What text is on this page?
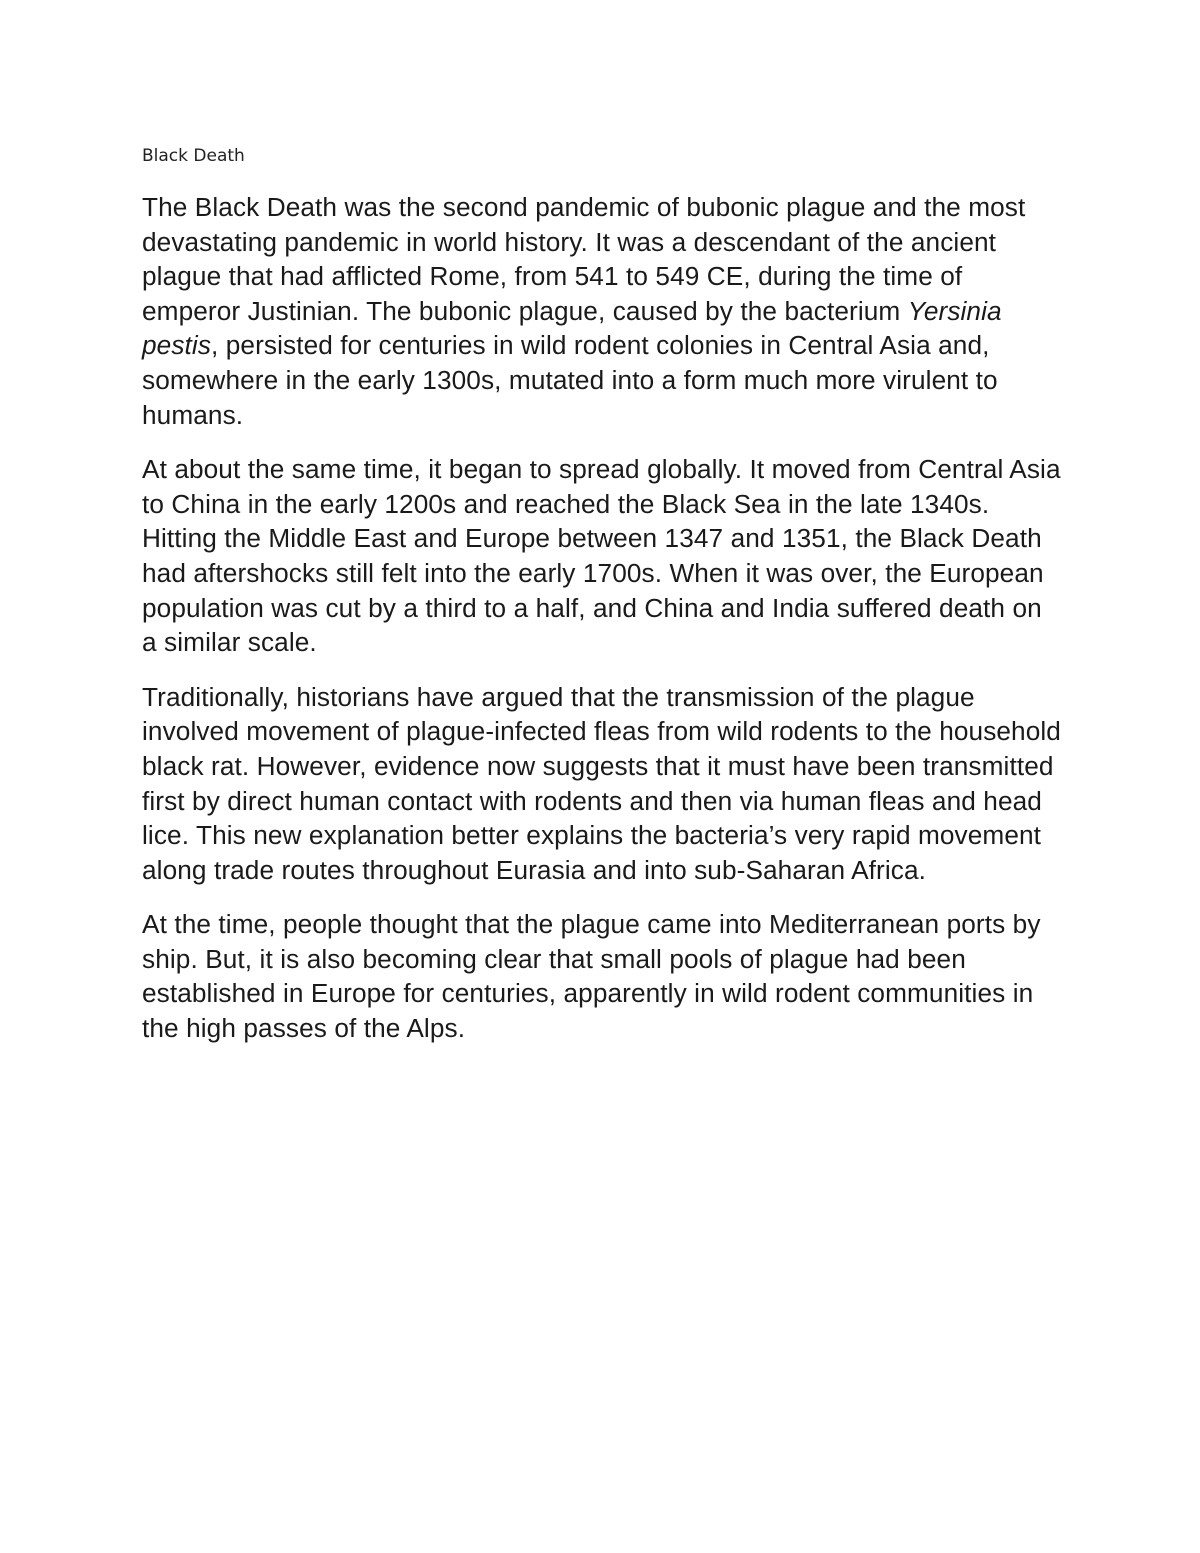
Black Death

The Black Death was the second pandemic of bubonic plague and the most devastating pandemic in world history. It was a descendant of the ancient plague that had afflicted Rome, from 541 to 549 CE, during the time of emperor Justinian. The bubonic plague, caused by the bacterium Yersinia pestis, persisted for centuries in wild rodent colonies in Central Asia and, somewhere in the early 1300s, mutated into a form much more virulent to humans.

At about the same time, it began to spread globally. It moved from Central Asia to China in the early 1200s and reached the Black Sea in the late 1340s. Hitting the Middle East and Europe between 1347 and 1351, the Black Death had aftershocks still felt into the early 1700s. When it was over, the European population was cut by a third to a half, and China and India suffered death on a similar scale.

Traditionally, historians have argued that the transmission of the plague involved movement of plague-infected fleas from wild rodents to the household black rat. However, evidence now suggests that it must have been transmitted first by direct human contact with rodents and then via human fleas and head lice. This new explanation better explains the bacteria’s very rapid movement along trade routes throughout Eurasia and into sub-Saharan Africa.

At the time, people thought that the plague came into Mediterranean ports by ship. But, it is also becoming clear that small pools of plague had been established in Europe for centuries, apparently in wild rodent communities in the high passes of the Alps.
